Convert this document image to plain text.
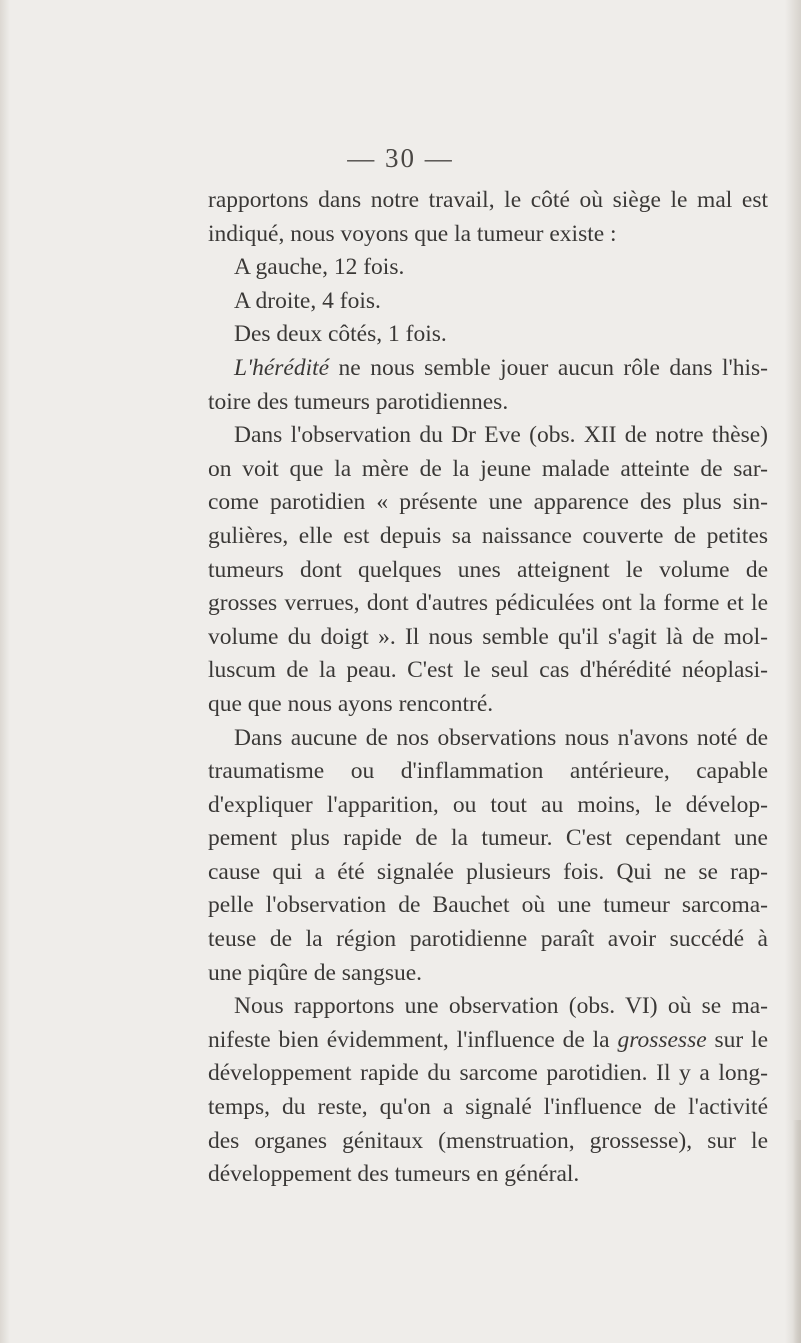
— 30 —
rapportons dans notre travail, le côté où siège le mal est
indiqué, nous voyons que la tumeur existe :
A gauche, 12 fois.
A droite, 4 fois.
Des deux côtés, 1 fois.
L'hérédité ne nous semble jouer aucun rôle dans l'his-
toire des tumeurs parotidiennes.
Dans l'observation du Dr Eve (obs. XII de notre thèse)
on voit que la mère de la jeune malade atteinte de sar-
come parotidien « présente une apparence des plus sin-
gulières, elle est depuis sa naissance couverte de petites
tumeurs dont quelques unes atteignent le volume de
grosses verrues, dont d'autres pédiculées ont la forme et le
volume du doigt ». Il nous semble qu'il s'agit là de mol-
luscum de la peau. C'est le seul cas d'hérédité néoplasi-
que que nous ayons rencontré.
Dans aucune de nos observations nous n'avons noté de
traumatisme ou d'inflammation antérieure, capable
d'expliquer l'apparition, ou tout au moins, le dévelop-
pement plus rapide de la tumeur. C'est cependant une
cause qui a été signalée plusieurs fois. Qui ne se rap-
pelle l'observation de Bauchet où une tumeur sarcoma-
teuse de la région parotidienne paraît avoir succédé à
une piqûre de sangsue.
Nous rapportons une observation (obs. VI) où se ma-
nifeste bien évidemment, l'influence de la grossesse sur le
développement rapide du sarcome parotidien. Il y a long-
temps, du reste, qu'on a signalé l'influence de l'activité
des organes génitaux (menstruation, grossesse), sur le
développement des tumeurs en général.
